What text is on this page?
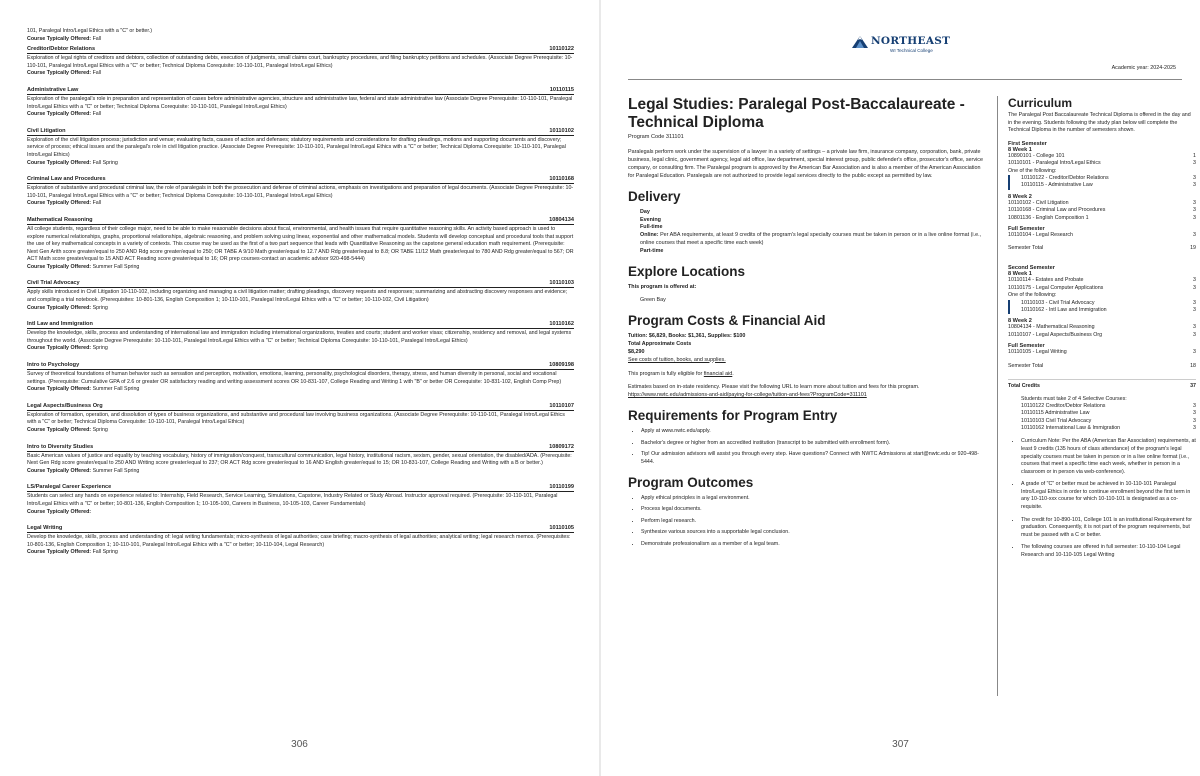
101, Paralegal Intro/Legal Ethics with a "C" or better.)
Course Typically Offered: Fall
Creditor/Debtor Relations	10110122
Exploration of legal rights of creditors and debtors, collection of outstanding debts, execution of judgments, small claims court, bankruptcy procedures, and filing bankruptcy petitions and schedules. (Associate Degree Prerequisite: 10-110-101, Paralegal Intro/Legal Ethics with a "C" or better; Technical Diploma Corequisite: 10-110-101, Paralegal Intro/Legal Ethics)
Course Typically Offered: Fall
Administrative Law	10110115
Exploration of the paralegal's role in preparation and representation of cases before administrative agencies, structure and administrative law, federal and state administrative law (Associate Degree Prerequisite: 10-110-101, Paralegal Intro/Legal Ethics with a "C" or better; Technical Diploma Corequisite: 10-110-101, Paralegal Intro/Legal Ethics)
Course Typically Offered: Fall
Civil Litigation	10110102
Exploration of the civil litigation process; jurisdiction and venue; evaluating facts, causes of action and defenses; statutory requirements and considerations for drafting pleadings, motions and supporting documents and discovery; service of process; ethical issues and the paralegal's role in civil litigation practice. (Associate Degree Prerequisite: 10-110-101, Paralegal Intro/Legal Ethics with a "C" or better; Technical Diploma Corequisite: 10-110-101, Paralegal Intro/Legal Ethics)
Course Typically Offered: Fall Spring
Criminal Law and Procedures	10110168
Exploration of substantive and procedural criminal law, the role of paralegals in both the prosecution and defense of criminal actions, emphasis on investigations and preparation of legal documents. (Associate Degree Prerequisite: 10-110-101, Paralegal Intro/Legal Ethics with a "C" or better; Technical Diploma Corequisite: 10-110-101, Paralegal Intro/Legal Ethics)
Course Typically Offered: Fall
Mathematical Reasoning	10804134
All college students, regardless of their college major, need to be able to make reasonable decisions about fiscal, environmental, and health issues that require quantitative reasoning skills. An activity based approach is used to explore numerical relationships, graphs, proportional relationships, algebraic reasoning, and problem solving using linear, exponential and other mathematical models. Students will develop conceptual and procedural tools that support the use of key mathematical concepts in a variety of contexts. This course may be used as the first of a two part sequence that leads with Quantitative Reasoning as the capstone general education math requirement. (Prerequisite: Next Gen Arith score greater/equal to 250 AND Rdg score greater/equal to 250; OR TABE A 9/10 Math greater/equal to 12.7 AND Rdg greater/equal to 8.8; OR TABE 11/12 Math greater/equal to 780 AND Rdg greater/equal to 567; OR ACT Math score greater/equal to 15 AND ACT Reading score greater/equal to 16; OR prep courses-contact an academic advisor 920-498-5444)
Course Typically Offered: Summer Fall Spring
Civil Trial Advocacy	10110103
Apply skills introduced in Civil Litigation 10-110-102, including organizing and managing a civil litigation matter; drafting pleadings, discovery requests and responses; summarizing and abstracting discovery responses and evidence; and compiling a trial notebook. (Prerequisites: 10-801-136, English Composition 1; 10-110-101, Paralegal Intro/Legal Ethics with a "C" or better; 10-110-102, Civil Litigation)
Course Typically Offered: Spring
Intl Law and Immigration	10110162
Develop the knowledge, skills, process and understanding of international law and immigration including international organizations, treaties and courts; student and worker visas; citizenship, residency and removal, and legal systems throughout the world. (Associate Degree Prerequisite: 10-110-101, Paralegal Intro/Legal Ethics with a "C" or better; Technical Diploma Corequisite: 10-110-101, Paralegal Intro/Legal Ethics)
Course Typically Offered: Spring
Intro to Psychology	10809198
Survey of theoretical foundations of human behavior such as sensation and perception, motivation, emotions, learning, personality, psychological disorders, therapy, stress, and human diversity in personal, social and vocational settings. (Prerequisite: Cumulative GPA of 2.6 or greater OR satisfactory reading and writing assessment scores OR 10-831-107, College Reading and Writing 1 with "B" or better OR Corequisite: 10-831-102, English Comp Prep)
Course Typically Offered: Summer Fall Spring
Legal Aspects/Business Org	10110107
Exploration of formation, operation, and dissolution of types of business organizations, and substantive and procedural law involving business organizations. (Associate Degree Prerequisite: 10-110-101, Paralegal Intro/Legal Ethics with a "C" or better; Technical Diploma Corequisite: 10-110-101, Paralegal Intro/Legal Ethics)
Course Typically Offered: Spring
Intro to Diversity Studies	10809172
Basic American values of justice and equality by teaching vocabulary, history of immigration/conquest, transcultural communication, legal history, institutional racism, sexism, gender, sexual orientation, the disabled/ADA. (Prerequisite: Next Gen Rdg score greater/equal to 250 AND Writing score greater/equal to 237; OR ACT Rdg score greater/equal to 16 AND English greater/equal to 15; OR 10-831-107, College Reading and Writing with a B or better.)
Course Typically Offered: Summer Fall Spring
LS/Paralegal Career Experience	10110199
Students can select any hands on experience related to: Internship, Field Research, Service Learning, Simulations, Capstone, Industry Related or Study Abroad. Instructor approval required. (Prerequisite: 10-110-101, Paralegal Intro/Legal Ethics with a "C" or better; 10-801-136, English Composition 1; 10-105-100, Careers in Business, 10-105-103, Career Fundamentals)
Course Typically Offered:
Legal Writing	10110105
Develop the knowledge, skills, process and understanding of: legal writing fundamentals; micro-synthesis of legal authorities; case briefing; macro-synthesis of legal authorities; analytical writing; legal research memos. (Prerequisites: 10-801-136, English Composition 1; 10-110-101, Paralegal Intro/Legal Ethics with a "C" or better; 10-110-104, Legal Research)
Course Typically Offered: Fall Spring
306
NORTHEAST
WI Technical College
Academic year: 2024-2025
Legal Studies: Paralegal Post-Baccalaureate - Technical Diploma
Program Code 311101
Paralegals perform work under the supervision of a lawyer in a variety of settings – a private law firm, insurance company, corporation, bank, private business, legal clinic, government agency, legal aid office, law department, special interest group, public defender's office, prosecutor's office, service company, or consulting firm. The Paralegal program is approved by the American Bar Association and is also a member of the American Association for Paralegal Education. Paralegals are not authorized to provide legal services directly to the public except as permitted by law.
Delivery
Day
Evening
Full-time
Online: Per ABA requirements, at least 9 credits of the program's legal specialty courses must be taken in person or in a live online format (i.e., online courses that meet a specific time each week)
Part-time
Explore Locations
This program is offered at:
Green Bay
Program Costs & Financial Aid
Tuition: $6,829, Books: $1,361, Supplies: $100
Total Approximate Costs
$8,290
See costs of tuition, books, and supplies.
This program is fully eligible for financial aid.
Estimates based on in-state residency. Please visit the following URL to learn more about tuition and fees for this program.
https://www.nwtc.edu/admissions-and-aid/paying-for-college/tuition-and-fees?ProgramCode=311101
Requirements for Program Entry
• Apply at www.nwtc.edu/apply.
• Bachelor's degree or higher from an accredited institution (transcript to be submitted with enrollment form).
• Tip! Our admission advisors will assist you through every step. Have questions? Connect with NWTC Admissions at start@nwtc.edu or 920-498-5444.
Program Outcomes
• Apply ethical principles in a legal environment.
• Process legal documents.
• Perform legal research.
• Synthesize various sources into a supportable legal conclusion.
• Demonstrate professionalism as a member of a legal team.
Curriculum
The Paralegal Post Baccalaureate Technical Diploma is offered in the day and in the evening. Students following the study plan below will complete the Technical Diploma in the number of semesters shown.
First Semester
8 Week 1
10890101 - College 101	1
10110101 - Paralegal Intro/Legal Ethics	3
One of the following:
10110122 - Creditor/Debtor Relations	3
10110115 - Administrative Law	3
8 Week 2
10110102 - Civil Litigation	3
10110168 - Criminal Law and Procedures	3
10801136 - English Composition 1	3
Full Semester
10110104 - Legal Research	3
Semester Total	19
Second Semester
8 Week 1
10110114 - Estates and Probate	3
10110175 - Legal Computer Applications	3
One of the following:
10110103 - Civil Trial Advocacy	3
10110162 - Intl Law and Immigration	3
8 Week 2
10804134 - Mathematical Reasoning	3
10110107 - Legal Aspects/Business Org	3
Full Semester
10110105 - Legal Writing	3
Semester Total	18
Total Credits	37
Students must take 2 of 4 Selective Courses:
10110122 Creditor/Debtor Relations	3
10110115 Administrative Law	3
10110103 Civil Trial Advocacy	3
10110162 International Law & Immigration	3
• Curriculum Note: Per the ABA (American Bar Association) requirements, at least 9 credits (135 hours of class attendance) of the program's legal specialty courses must be taken in person or in a live online format (i.e., courses that meet a specific time each week, whether in person in a classroom or in person via web-conference).
• A grade of "C" or better must be achieved in 10-110-101 Paralegal Intro/Legal Ethics in order to continue enrollment beyond the first term in any 10-110-xxx course for which 10-110-101 is designated as a co-requisite.
• The credit for 10-890-101, College 101 is an institutional Requirement for graduation. Consequently, it is not part of the program requirements, but must be passed with a C or better.
• The following courses are offered in full semester: 10-110-104 Legal Research and 10-110-105 Legal Writing
307
